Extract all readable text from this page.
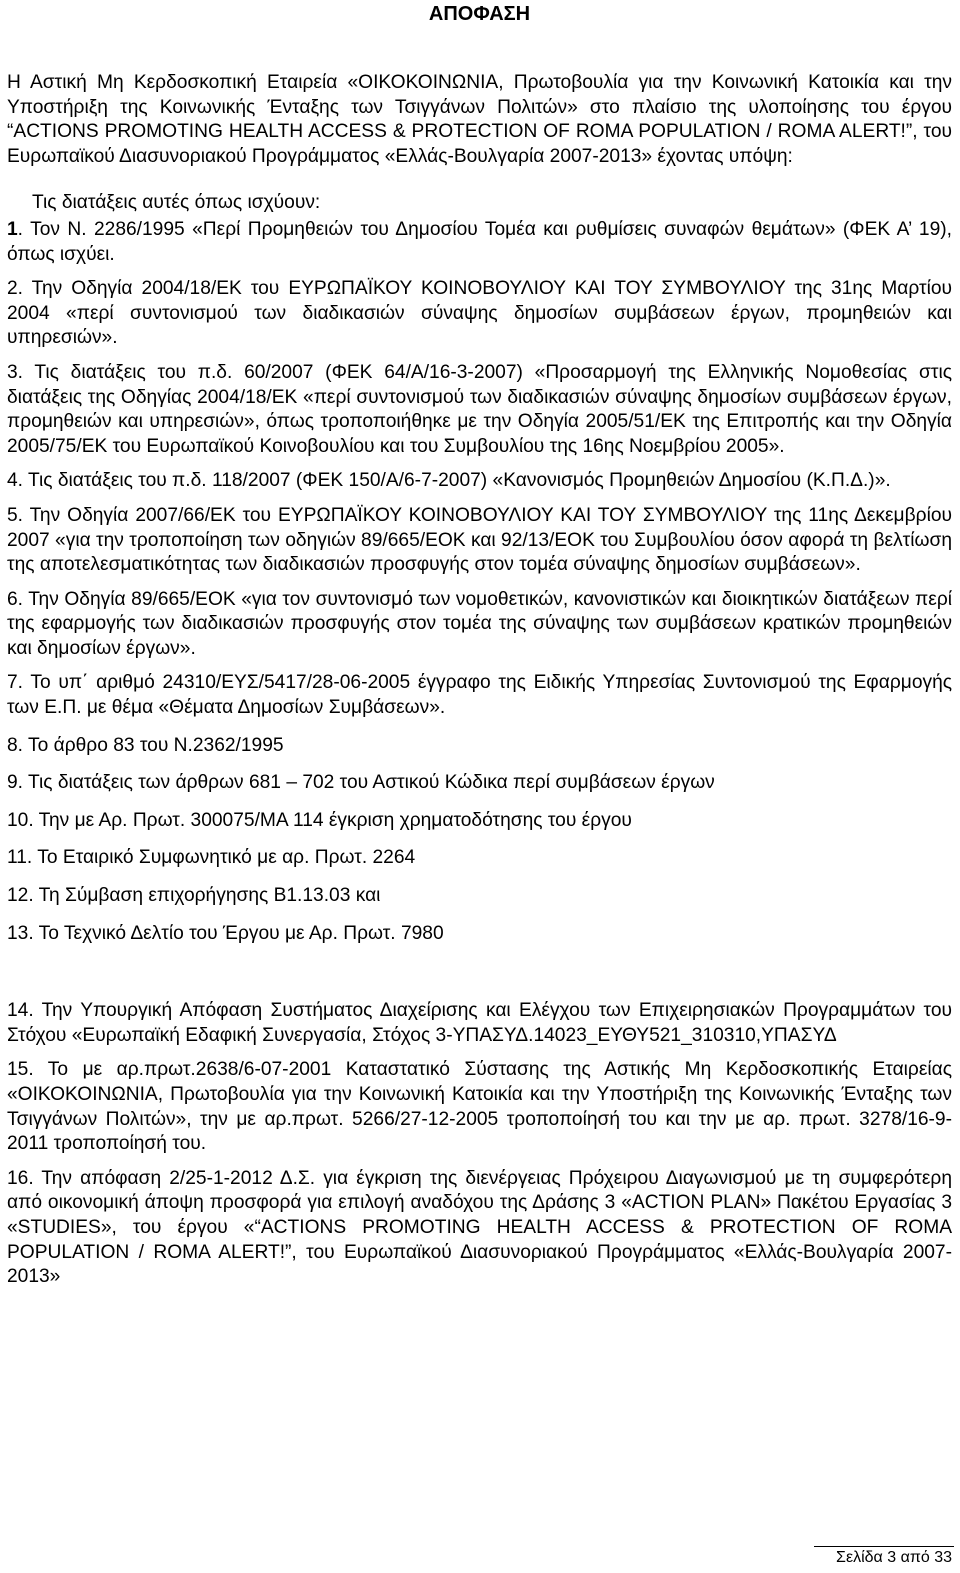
ΑΠΟΦΑΣΗ

Η Αστική Μη Κερδοσκοπική Εταιρεία «ΟΙΚΟΚΟΙΝΩΝΙΑ, Πρωτοβουλία για την Κοινωνική Κατοικία και την Υποστήριξη της Κοινωνικής Ένταξης των Τσιγγάνων Πολιτών» στο πλαίσιο της υλοποίησης του έργου “ACTIONS PROMOTING HEALTH ACCESS & PROTECTION OF ROMA POPULATION / ROMA ALERT!”, του Ευρωπαϊκού Διασυνοριακού Προγράμματος «Ελλάς-Βουλγαρία 2007-2013» έχοντας υπόψη:

Τις διατάξεις αυτές όπως ισχύουν:

1. Τον Ν. 2286/1995 «Περί Προμηθειών του Δημοσίου Τομέα και ρυθμίσεις συναφών θεμάτων» (ΦΕΚ Α’ 19), όπως ισχύει.

2. Την Οδηγία 2004/18/ΕΚ του ΕΥΡΩΠΑΪΚΟΥ ΚΟΙΝΟΒΟΥΛΙΟΥ ΚΑΙ ΤΟΥ ΣΥΜΒΟΥΛΙΟΥ της 31ης Μαρτίου 2004 «περί συντονισμού των διαδικασιών σύναψης δημοσίων συμβάσεων έργων, προμηθειών και υπηρεσιών».

3. Τις διατάξεις του π.δ. 60/2007 (ΦΕΚ 64/Α/16-3-2007) «Προσαρμογή της Ελληνικής Νομοθεσίας στις διατάξεις της Οδηγίας 2004/18/ΕΚ «περί συντονισμού των διαδικασιών σύναψης δημοσίων συμβάσεων έργων, προμηθειών και υπηρεσιών», όπως τροποποιήθηκε με την Οδηγία 2005/51/ΕΚ της Επιτροπής και την Οδηγία 2005/75/ΕΚ του Ευρωπαϊκού Κοινοβουλίου και του Συμβουλίου της 16ης Νοεμβρίου 2005».

4. Τις διατάξεις του π.δ. 118/2007 (ΦΕΚ 150/Α/6-7-2007) «Κανονισμός Προμηθειών Δημοσίου (Κ.Π.Δ.)».

5. Την Οδηγία 2007/66/ΕΚ του ΕΥΡΩΠΑΪΚΟΥ ΚΟΙΝΟΒΟΥΛΙΟΥ ΚΑΙ ΤΟΥ ΣΥΜΒΟΥΛΙΟΥ της 11ης Δεκεμβρίου 2007 «για την τροποποίηση των οδηγιών 89/665/ΕΟΚ και 92/13/ΕΟΚ του Συμβουλίου όσον αφορά τη βελτίωση της αποτελεσματικότητας των διαδικασιών προσφυγής στον τομέα σύναψης δημοσίων συμβάσεων».

6. Την Οδηγία 89/665/ΕΟΚ «για τον συντονισμό των νομοθετικών, κανονιστικών και διοικητικών διατάξεων περί της εφαρμογής των διαδικασιών προσφυγής στον τομέα της σύναψης των συμβάσεων κρατικών προμηθειών και δημοσίων έργων».

7. Το υπ΄ αριθμό 24310/ΕΥΣ/5417/28-06-2005 έγγραφο της Ειδικής Υπηρεσίας Συντονισμού της Εφαρμογής των Ε.Π. με θέμα «Θέματα Δημοσίων Συμβάσεων».

8. Το άρθρο 83 του Ν.2362/1995

9. Τις διατάξεις των άρθρων 681 – 702 του Αστικού Κώδικα περί συμβάσεων έργων

10. Την με Αρ. Πρωτ. 300075/ΜΑ 114 έγκριση χρηματοδότησης του έργου

11. Το Εταιρικό Συμφωνητικό με αρ. Πρωτ. 2264

12. Τη Σύμβαση επιχορήγησης Β1.13.03 και

13. Το Τεχνικό Δελτίο του Έργου με Αρ. Πρωτ. 7980

14. Την Υπουργική Απόφαση Συστήματος Διαχείρισης και Ελέγχου των Επιχειρησιακών Προγραμμάτων του Στόχου «Ευρωπαϊκή Εδαφική Συνεργασία, Στόχος 3-ΥΠΑΣΥΔ.14023_ΕΥΘΥ521_310310,ΥΠΑΣΥΔ

15. Το με αρ.πρωτ.2638/6-07-2001 Καταστατικό Σύστασης της Αστικής Μη Κερδοσκοπικής Εταιρείας «ΟΙΚΟΚΟΙΝΩΝΙΑ, Πρωτοβουλία για την Κοινωνική Κατοικία και την Υποστήριξη της Κοινωνικής Ένταξης των Τσιγγάνων Πολιτών», την με αρ.πρωτ. 5266/27-12-2005 τροποποίησή του και την με αρ. πρωτ. 3278/16-9-2011 τροποποίησή του.

16. Την απόφαση 2/25-1-2012 Δ.Σ. για έγκριση της διενέργειας Πρόχειρου Διαγωνισμού με τη συμφερότερη από οικονομική άποψη προσφορά για επιλογή αναδόχου της Δράσης 3 «ACTION PLAN» Πακέτου Εργασίας 3 «STUDIES», του έργου «“ACTIONS PROMOTING HEALTH ACCESS & PROTECTION OF ROMA POPULATION / ROMA ALERT!”, του Ευρωπαϊκού Διασυνοριακού Προγράμματος «Ελλάς-Βουλγαρία 2007-2013»

Σελίδα 3 από 33
